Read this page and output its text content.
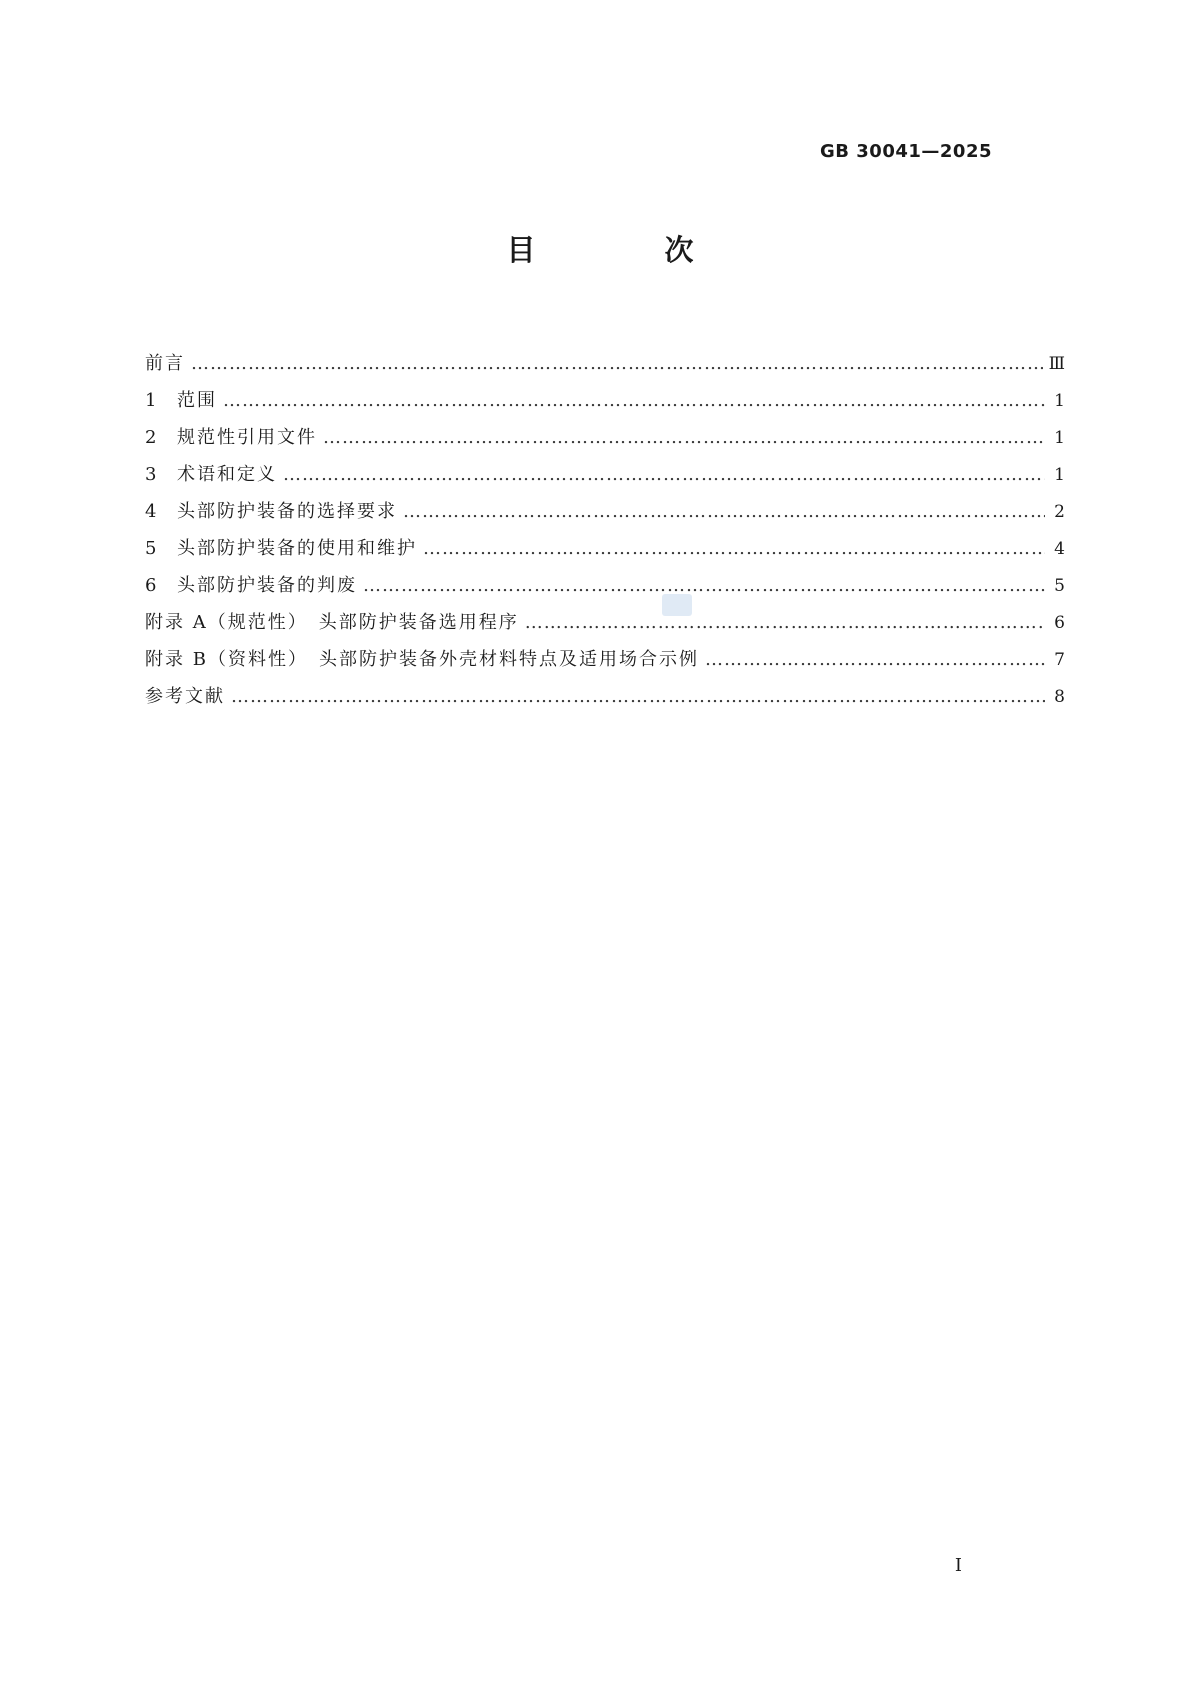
GB 30041—2025
目　次
前言 …………………………………………………………………………………………………………………………………………………………………………………………………………	Ⅲ
1	范围 …………………………………………………………………………………………………………………………………………………………………………………………………………	1
2	规范性引用文件 …………………………………………………………………………………………………………………………………………………………………………………………………………	1
3	术语和定义 …………………………………………………………………………………………………………………………………………………………………………………………………………	1
4	头部防护装备的选择要求 …………………………………………………………………………………………………………………………………………………………………………………………………………	2
5	头部防护装备的使用和维护 …………………………………………………………………………………………………………………………………………………………………………………………………………	4
6	头部防护装备的判废 …………………………………………………………………………………………………………………………………………………………………………………………………………	5
附录 A（规范性）　头部防护装备选用程序 …………………………………………………………………………………………………………………………………………………………………………………………………………	6
附录 B（资料性）　头部防护装备外壳材料特点及适用场合示例 …………………………………………………………………………………………………………………………………………………………………………………………………………	7
参考文献 …………………………………………………………………………………………………………………………………………………………………………………………………………	8
Ⅰ
